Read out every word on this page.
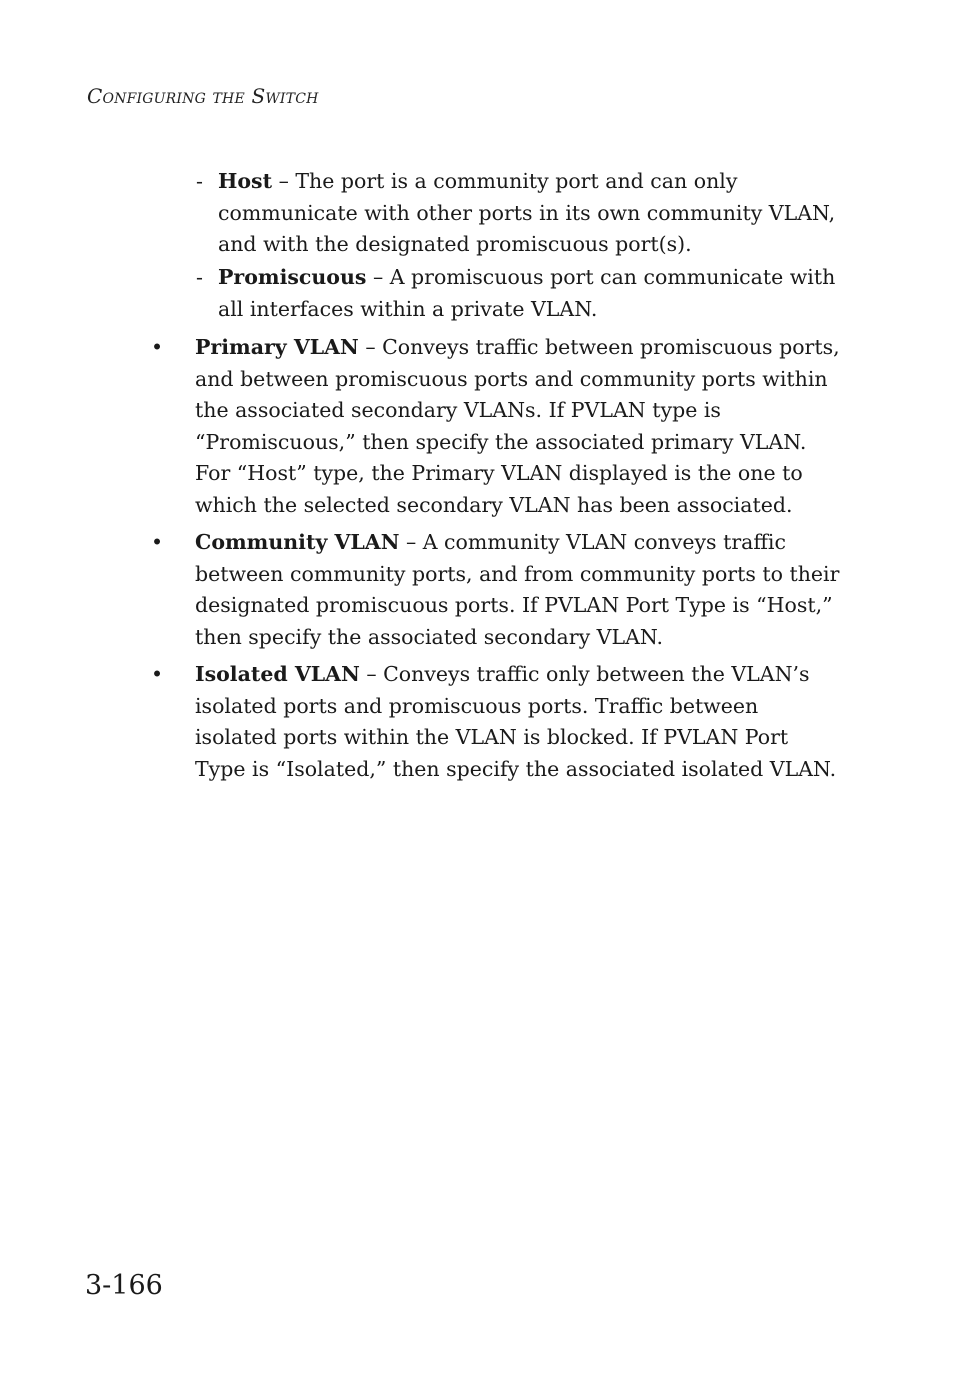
Configuring the Switch
- Host – The port is a community port and can only communicate with other ports in its own community VLAN, and with the designated promiscuous port(s).
- Promiscuous – A promiscuous port can communicate with all interfaces within a private VLAN.
• Primary VLAN – Conveys traffic between promiscuous ports, and between promiscuous ports and community ports within the associated secondary VLANs. If PVLAN type is “Promiscuous,” then specify the associated primary VLAN. For “Host” type, the Primary VLAN displayed is the one to which the selected secondary VLAN has been associated.
• Community VLAN – A community VLAN conveys traffic between community ports, and from community ports to their designated promiscuous ports. If PVLAN Port Type is “Host,” then specify the associated secondary VLAN.
• Isolated VLAN – Conveys traffic only between the VLAN’s isolated ports and promiscuous ports. Traffic between isolated ports within the VLAN is blocked. If PVLAN Port Type is “Isolated,” then specify the associated isolated VLAN.
3-166
